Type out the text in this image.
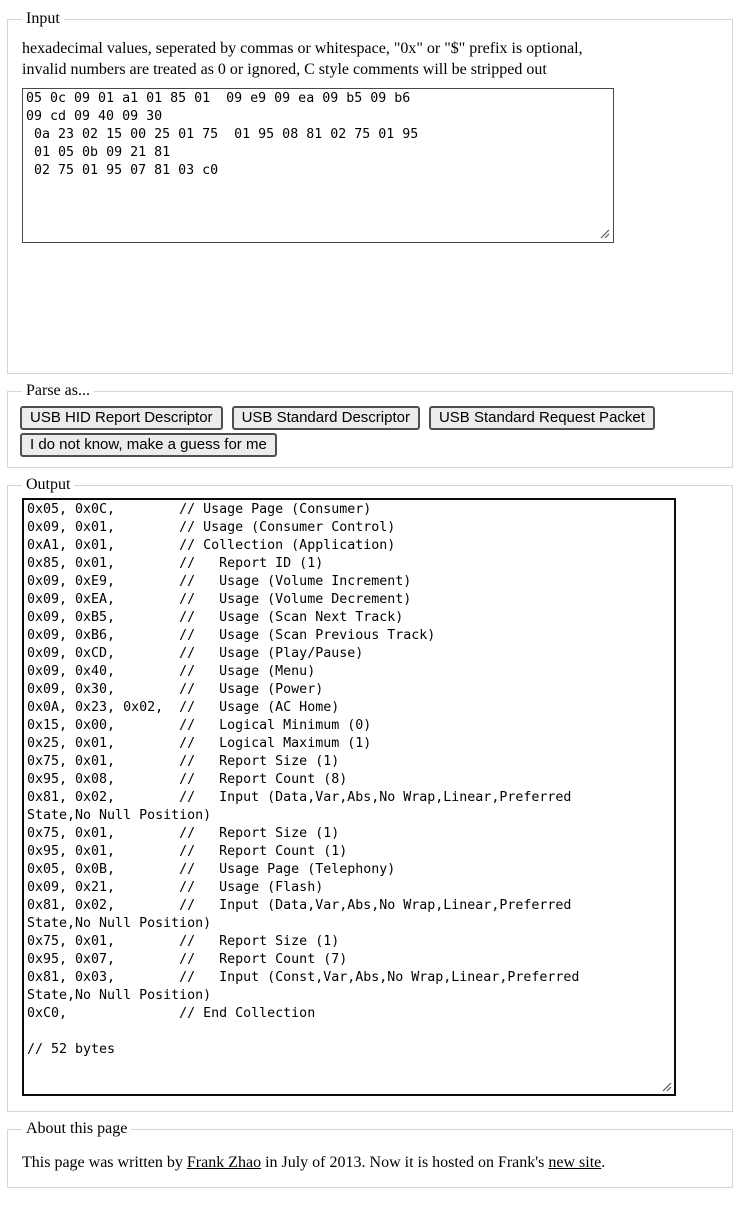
Input
hexadecimal values, seperated by commas or whitespace, "0x" or "$" prefix is optional,
invalid numbers are treated as 0 or ignored, C style comments will be stripped out
05 0c 09 01 a1 01 85 01 09 e9 09 ea 09 b5 09 b6 09 cd 09 40 09 30 0a 23 02 15 00 25 01 75 01 95 08 81 02 75 01 95 01 05 0b 09 21 81 02 75 01 95 07 81 03 c0
Parse as...
USB HID Report Descriptor USB Standard Descriptor USB Standard Request Packet
I do not know, make a guess for me
Output
0x05, 0x0C, // Usage Page (Consumer) 0x09, 0x01, // Usage (Consumer Control) 0xA1, 0x01, // Collection (Application) 0x85, 0x01, // Report ID (1) 0x09, 0xE9, // Usage (Volume Increment) 0x09, 0xEA, // Usage (Volume Decrement) 0x09, 0xB5, // Usage (Scan Next Track) 0x09, 0xB6, // Usage (Scan Previous Track) 0x09, 0xCD, // Usage (Play/Pause) 0x09, 0x40, // Usage (Menu) 0x09, 0x30, // Usage (Power) 0x0A, 0x23, 0x02, // Usage (AC Home) 0x15, 0x00, // Logical Minimum (0) 0x25, 0x01, // Logical Maximum (1) 0x75, 0x01, // Report Size (1) 0x95, 0x08, // Report Count (8) 0x81, 0x02, // Input (Data,Var,Abs,No Wrap,Linear,Preferred State,No Null Position) 0x75, 0x01, // Report Size (1) 0x95, 0x01, // Report Count (1) 0x05, 0x0B, // Usage Page (Telephony) 0x09, 0x21, // Usage (Flash) 0x81, 0x02, // Input (Data,Var,Abs,No Wrap,Linear,Preferred State,No Null Position) 0x75, 0x01, // Report Size (1) 0x95, 0x07, // Report Count (7) 0x81, 0x03, // Input (Const,Var,Abs,No Wrap,Linear,Preferred State,No Null Position) 0xC0, // End Collection // 52 bytes
About this page

This page was written by Frank Zhao in July of 2013. Now it is hosted on Frank's new site.
